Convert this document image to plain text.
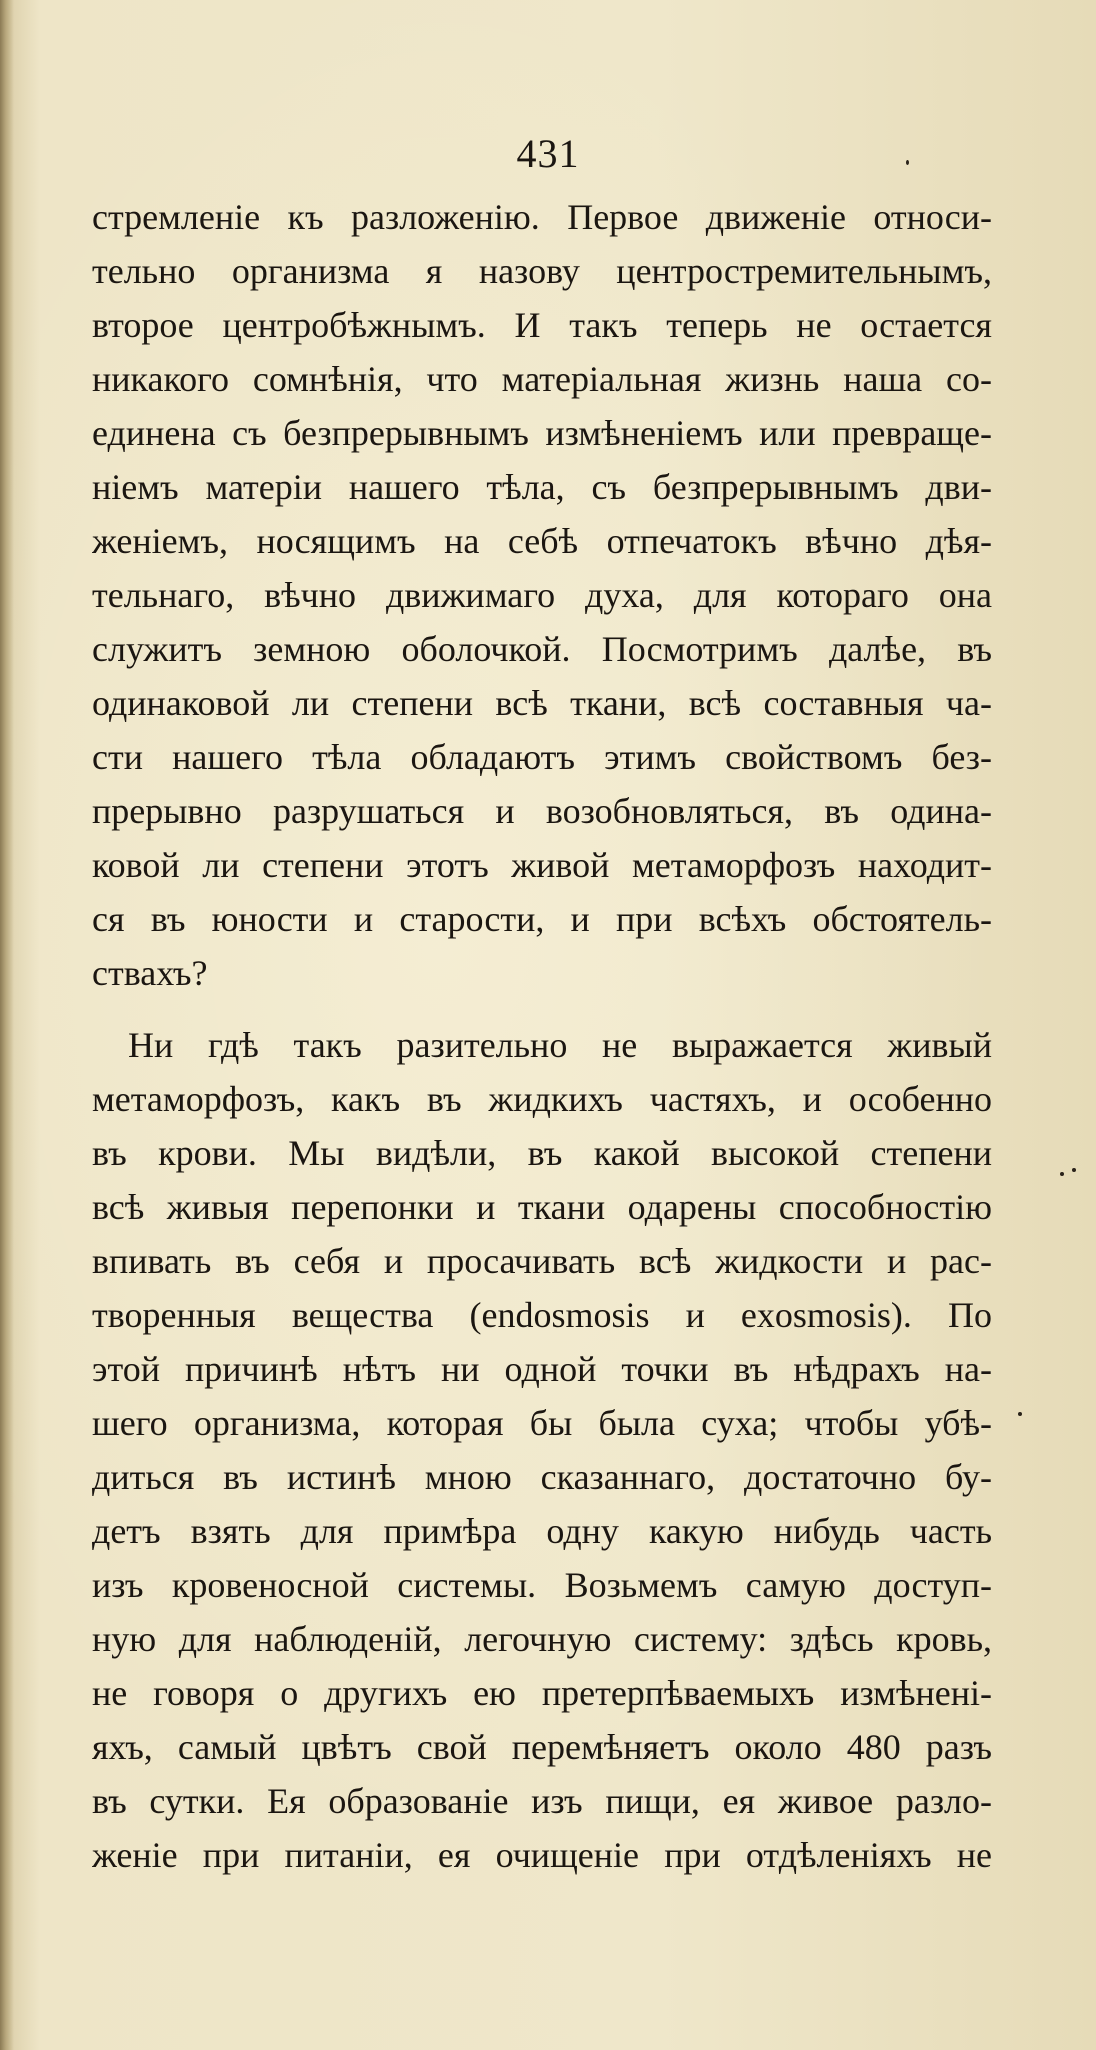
431
стремленіе къ разложенію. Первое движеніе относи-
тельно организма я назову центростремительнымъ,
второе центробѣжнымъ. И такъ теперь не остается
никакого сомнѣнія, что матеріальная жизнь наша со-
единена съ безпрерывнымъ измѣненіемъ или превраще-
ніемъ матеріи нашего тѣла, съ безпрерывнымъ дви-
женіемъ, носящимъ на себѣ отпечатокъ вѣчно дѣя-
тельнаго, вѣчно движимаго духа, для котораго она
служитъ земною оболочкой. Посмотримъ далѣе, въ
одинаковой ли степени всѣ ткани, всѣ составныя ча-
сти нашего тѣла обладаютъ этимъ свойствомъ без-
прерывно разрушаться и возобновляться, въ одина-
ковой ли степени этотъ живой метаморфозъ находит-
ся въ юности и старости, и при всѣхъ обстоятель-
ствахъ?
Ни гдѣ такъ разительно не выражается живый
метаморфозъ, какъ въ жидкихъ частяхъ, и особенно
въ крови. Мы видѣли, въ какой высокой степени
всѣ живыя перепонки и ткани одарены способностію
впивать въ себя и просачивать всѣ жидкости и рас-
творенныя вещества (endosmosis и exosmosis). По
этой причинѣ нѣтъ ни одной точки въ нѣдрахъ на-
шего организма, которая бы была суха; чтобы убѣ-
диться въ истинѣ мною сказаннаго, достаточно бу-
детъ взять для примѣра одну какую нибудь часть
изъ кровеносной системы. Возьмемъ самую доступ-
ную для наблюденій, легочную систему: здѣсь кровь,
не говоря о другихъ ею претерпѣваемыхъ измѣнені-
яхъ, самый цвѣтъ свой перемѣняетъ около 480 разъ
въ сутки. Ея образованіе изъ пищи, ея живое разло-
женіе при питаніи, ея очищеніе при отдѣленіяхъ не
